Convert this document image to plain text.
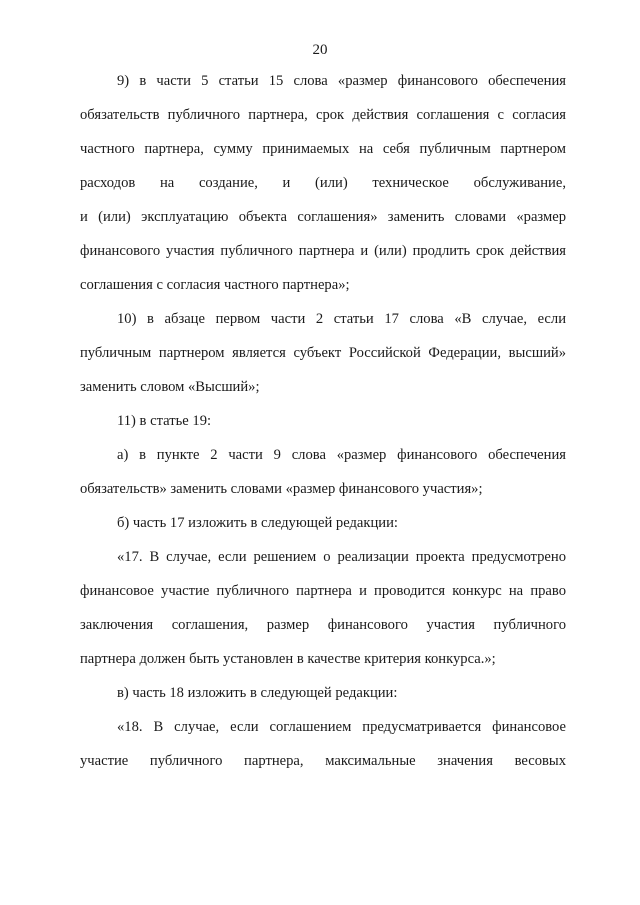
20
9) в части 5 статьи 15 слова «размер финансового обеспечения
обязательств публичного партнера, срок действия соглашения с согласия
частного партнера, сумму принимаемых на себя публичным партнером
расходов на создание, и (или) техническое обслуживание,
и (или) эксплуатацию объекта соглашения» заменить словами «размер
финансового участия публичного партнера и (или) продлить срок действия
соглашения с согласия частного партнера»;
10) в абзаце первом части 2 статьи 17 слова «В случае, если
публичным партнером является субъект Российской Федерации, высший»
заменить словом «Высший»;
11) в статье 19:
а) в пункте 2 части 9 слова «размер финансового обеспечения
обязательств» заменить словами «размер финансового участия»;
б) часть 17 изложить в следующей редакции:
«17. В случае, если решением о реализации проекта предусмотрено
финансовое участие публичного партнера и проводится конкурс на право
заключения соглашения, размер финансового участия публичного
партнера должен быть установлен в качестве критерия конкурса.»;
в) часть 18 изложить в следующей редакции:
«18. В случае, если соглашением предусматривается финансовое
участие публичного партнера, максимальные значения весовых
